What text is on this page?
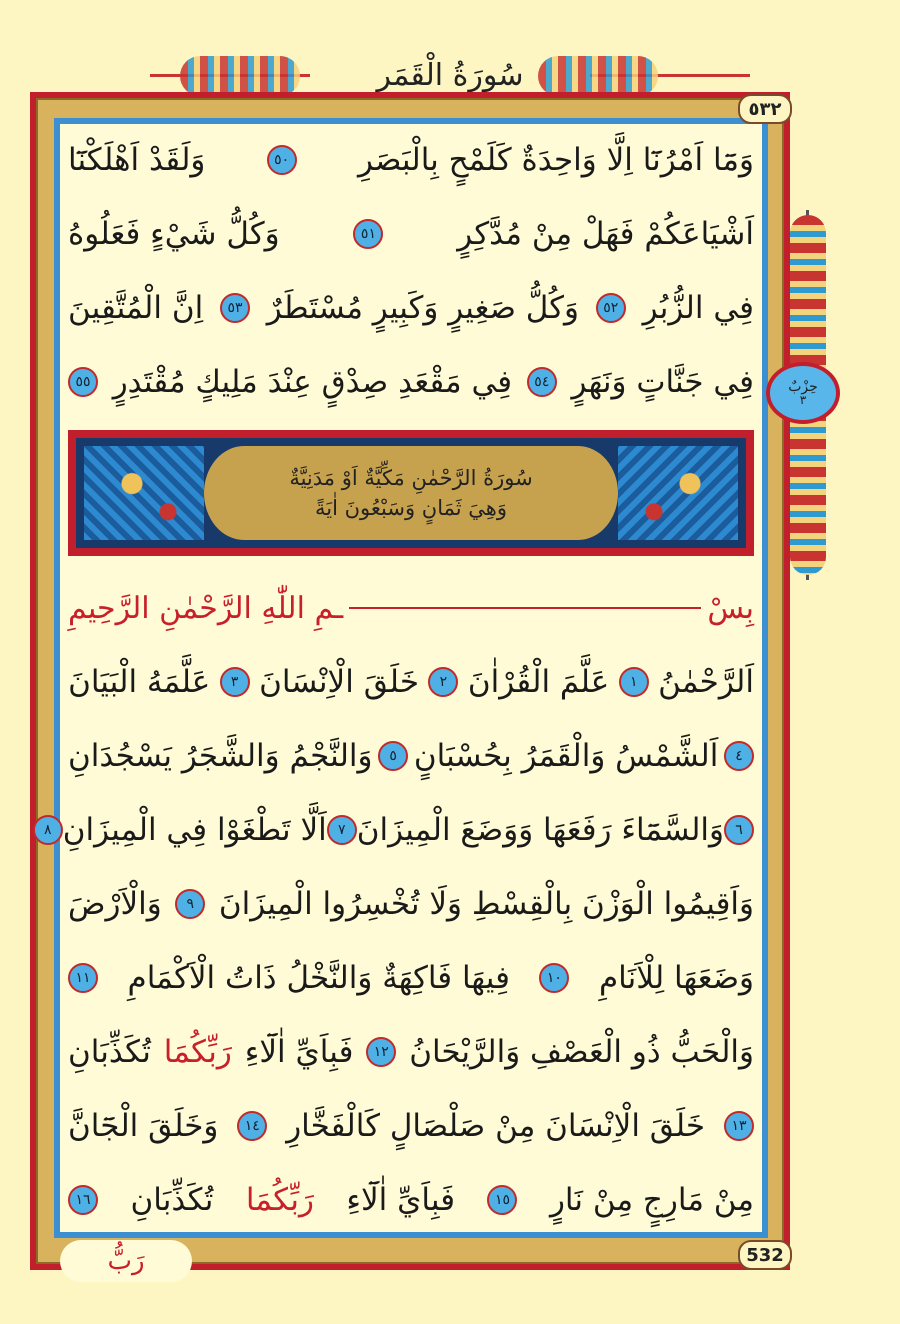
سُورَةُ الْقَمَرِ
٥٣٢
532
حِزْبٌ
٣
وَمَٓا اَمْرُنَٓا اِلَّا وَاحِدَةٌ كَلَمْحٍ بِالْبَصَرِ
٥٠
وَلَقَدْ اَهْلَكْنَٓا
اَشْيَاعَكُمْ فَهَلْ مِنْ مُدَّكِرٍ
٥١
وَكُلُّ شَيْءٍ فَعَلُوهُ
فِي الزُّبُرِ
٥٢
وَكُلُّ صَغِيرٍ وَكَبِيرٍ مُسْتَطَرٌ
٥٣
اِنَّ الْمُتَّقِينَ
فِي جَنَّاتٍ وَنَهَرٍ
٥٤
فِي مَقْعَدِ صِدْقٍ عِنْدَ مَلِيكٍ مُقْتَدِرٍ
٥٥
سُورَةُ الرَّحْمٰنِ مَكِّيَّةٌ اَوْ مَدَنِيَّةٌ
وَهِيَ ثَمَانٍ وَسَبْعُونَ اٰيَةً
بِسْ
ـمِ اللّٰهِ الرَّحْمٰنِ الرَّحِيمِ
اَلرَّحْمٰنُ
١
عَلَّمَ الْقُرْاٰنَ
٢
خَلَقَ الْاِنْسَانَ
٣
عَلَّمَهُ الْبَيَانَ
٤
اَلشَّمْسُ وَالْقَمَرُ بِحُسْبَانٍ
٥
وَالنَّجْمُ وَالشَّجَرُ يَسْجُدَانِ
٦
وَالسَّمَٓاءَ رَفَعَهَا وَوَضَعَ الْمِيزَانَ
٧
اَلَّا تَطْغَوْا فِي الْمِيزَانِ
٨
وَاَقِيمُوا الْوَزْنَ بِالْقِسْطِ وَلَا تُخْسِرُوا الْمِيزَانَ
٩
وَالْاَرْضَ
وَضَعَهَا لِلْاَنَامِ
١٠
فِيهَا فَاكِهَةٌ وَالنَّخْلُ ذَاتُ الْاَكْمَامِ
١١
وَالْحَبُّ ذُو الْعَصْفِ وَالرَّيْحَانُ
١٢
فَبِاَيِّ اٰلَٓاءِ
رَبِّكُمَا
تُكَذِّبَانِ
١٣
خَلَقَ الْاِنْسَانَ مِنْ صَلْصَالٍ كَالْفَخَّارِ
١٤
وَخَلَقَ الْجَٓانَّ
مِنْ مَارِجٍ مِنْ نَارٍ
١٥
فَبِاَيِّ اٰلَٓاءِ
رَبِّكُمَا
تُكَذِّبَانِ
١٦
رَبُّ
